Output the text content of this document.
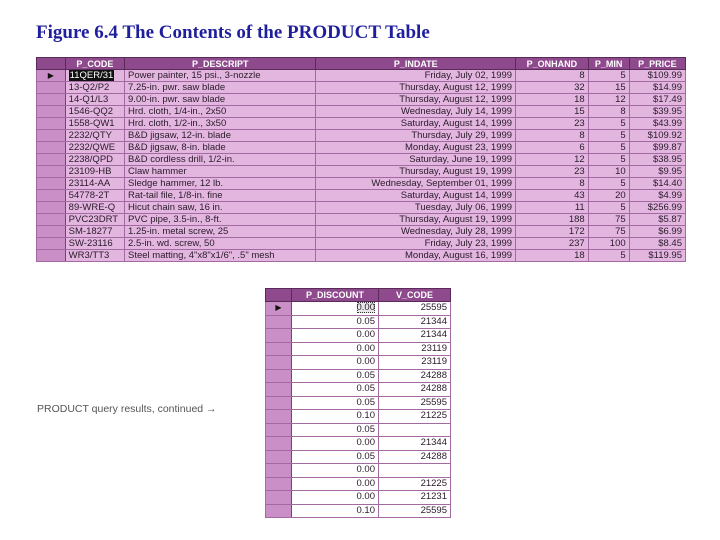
Figure 6.4 The Contents of the PRODUCT Table
	P_CODE	P_DESCRIPT	P_INDATE	P_ONHAND	P_MIN	P_PRICE
▶	11QER/31	Power painter, 15 psi., 3-nozzle	Friday, July 02, 1999	8	5	$109.99
	13-Q2/P2	7.25-in. pwr. saw blade	Thursday, August 12, 1999	32	15	$14.99
	14-Q1/L3	9.00-in. pwr. saw blade	Thursday, August 12, 1999	18	12	$17.49
	1546-QQ2	Hrd. cloth, 1/4-in., 2x50	Wednesday, July 14, 1999	15	8	$39.95
	1558-QW1	Hrd. cloth, 1/2-in., 3x50	Saturday, August 14, 1999	23	5	$43.99
	2232/QTY	B&D jigsaw, 12-in. blade	Thursday, July 29, 1999	8	5	$109.92
	2232/QWE	B&D jigsaw, 8-in. blade	Monday, August 23, 1999	6	5	$99.87
	2238/QPD	B&D cordless drill, 1/2-in.	Saturday, June 19, 1999	12	5	$38.95
	23109-HB	Claw hammer	Thursday, August 19, 1999	23	10	$9.95
	23114-AA	Sledge hammer, 12 lb.	Wednesday, September 01, 1999	8	5	$14.40
	54778-2T	Rat-tail file, 1/8-in. fine	Saturday, August 14, 1999	43	20	$4.99
	89-WRE-Q	Hicut chain saw, 16 in.	Tuesday, July 06, 1999	11	5	$256.99
	PVC23DRT	PVC pipe, 3.5-in., 8-ft.	Thursday, August 19, 1999	188	75	$5.87
	SM-18277	1.25-in. metal screw, 25	Wednesday, July 28, 1999	172	75	$6.99
	SW-23116	2.5-in. wd. screw, 50	Friday, July 23, 1999	237	100	$8.45
	WR3/TT3	Steel matting, 4"x8"x1/6", .5" mesh	Monday, August 16, 1999	18	5	$119.95
	P_DISCOUNT	V_CODE
▶	0.00	25595
	0.05	21344
	0.00	21344
	0.00	23119
	0.00	23119
	0.05	24288
	0.05	24288
	0.05	25595
	0.10	21225
	0.05	
	0.00	21344
	0.05	24288
	0.00	
	0.00	21225
	0.00	21231
	0.10	25595
PRODUCT query results, continued →
